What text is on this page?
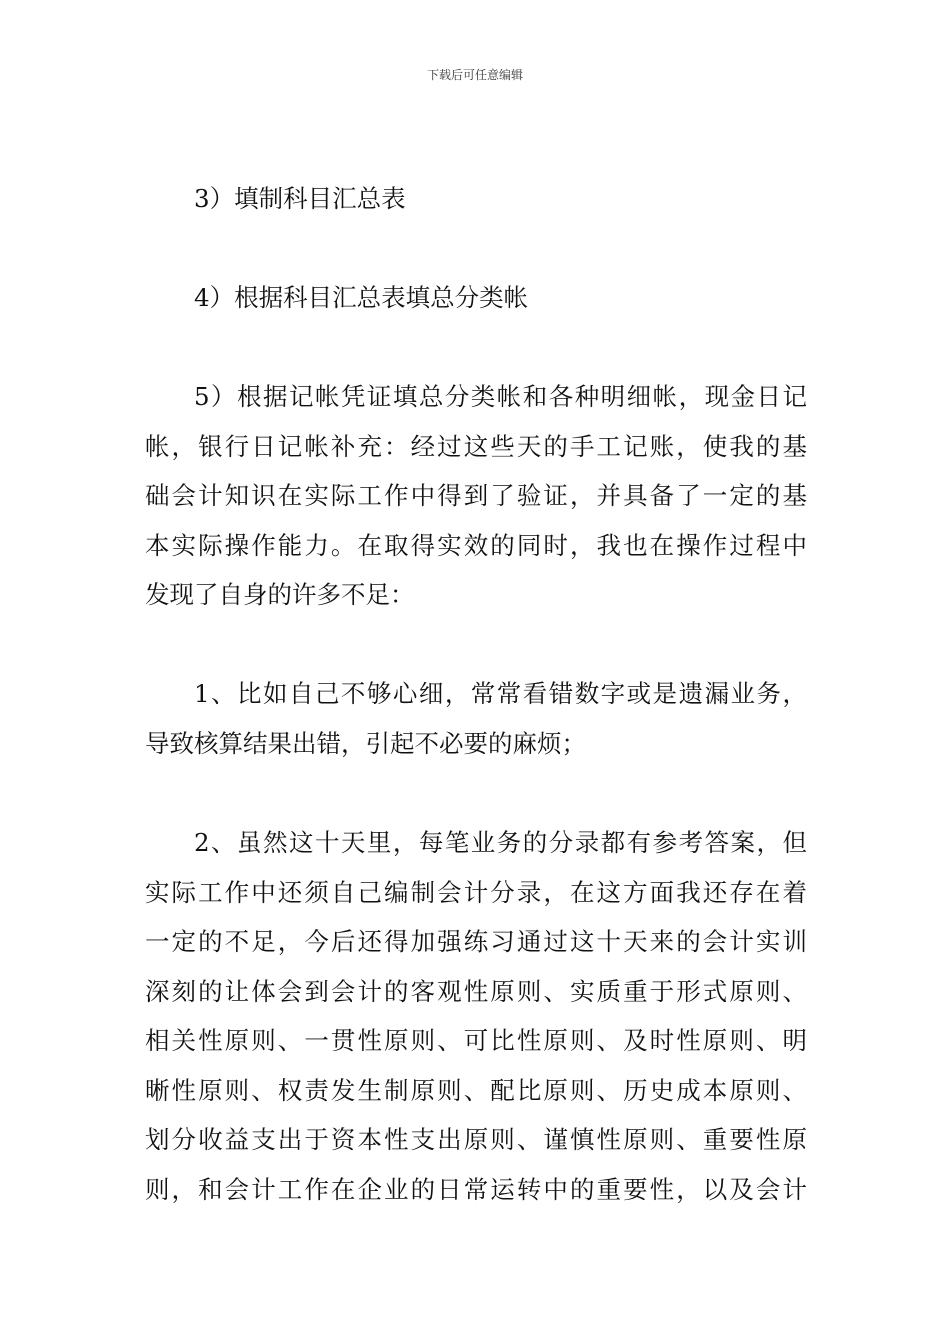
下载后可任意编辑
3）填制科目汇总表
4）根据科目汇总表填总分类帐
5）根据记帐凭证填总分类帐和各种明细帐，现金日记
帐，银行日记帐补充：经过这些天的手工记账，使我的基
础会计知识在实际工作中得到了验证，并具备了一定的基
本实际操作能力。在取得实效的同时，我也在操作过程中
发现了自身的许多不足：
1、比如自己不够心细，常常看错数字或是遗漏业务，
导致核算结果出错，引起不必要的麻烦；
2、虽然这十天里，每笔业务的分录都有参考答案，但
实际工作中还须自己编制会计分录，在这方面我还存在着
一定的不足，今后还得加强练习通过这十天来的会计实训
深刻的让体会到会计的客观性原则、实质重于形式原则、
相关性原则、一贯性原则、可比性原则、及时性原则、明
晰性原则、权责发生制原则、配比原则、历史成本原则、
划分收益支出于资本性支出原则、谨慎性原则、重要性原
则，和会计工作在企业的日常运转中的重要性，以及会计
